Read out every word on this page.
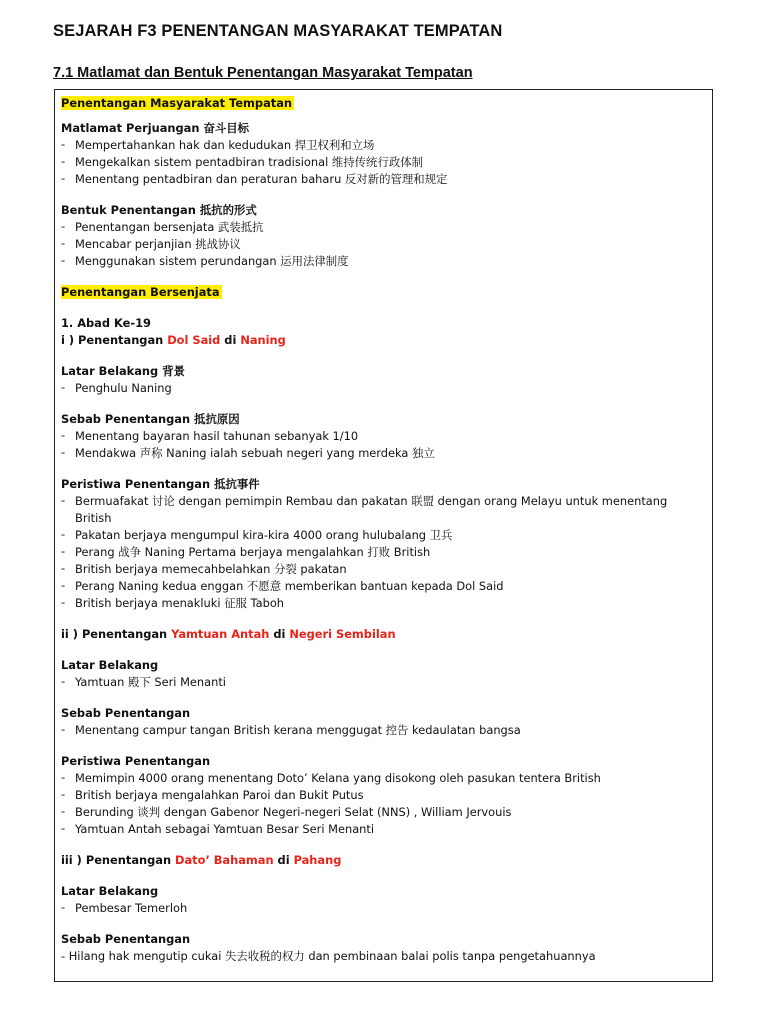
SEJARAH F3 PENENTANGAN MASYARAKAT TEMPATAN
7.1 Matlamat dan Bentuk Penentangan Masyarakat Tempatan
Penentangan Masyarakat Tempatan
Matlamat Perjuangan 奋斗目标
- Mempertahankan hak dan kedudukan 捍卫权利和立场
- Mengekalkan sistem pentadbiran tradisional 维持传统行政体制
- Menentang pentadbiran dan peraturan baharu 反对新的管理和规定
Bentuk Penentangan 抵抗的形式
- Penentangan bersenjata 武装抵抗
- Mencabar perjanjian 挑战协议
- Menggunakan sistem perundangan 运用法律制度
Penentangan Bersenjata
1. Abad Ke-19
i ) Penentangan Dol Said di Naning
Latar Belakang 背景
- Penghulu Naning
Sebab Penentangan 抵抗原因
- Menentang bayaran hasil tahunan sebanyak 1/10
- Mendakwa 声称 Naning ialah sebuah negeri yang merdeka 独立
Peristiwa Penentangan 抵抗事件
- Bermuafakat 讨论 dengan pemimpin Rembau dan pakatan 联盟 dengan orang Melayu untuk menentang British
- Pakatan berjaya mengumpul kira-kira 4000 orang hulubalang 卫兵
- Perang 战争 Naning Pertama berjaya mengalahkan 打败 British
- British berjaya memecahbelahkan 分裂 pakatan
- Perang Naning kedua enggan 不愿意 memberikan bantuan kepada Dol Said
- British berjaya menakluki 征服 Taboh
ii ) Penentangan Yamtuan Antah di Negeri Sembilan
Latar Belakang
- Yamtuan 殿下 Seri Menanti
Sebab Penentangan
- Menentang campur tangan British kerana menggugat 控告 kedaulatan bangsa
Peristiwa Penentangan
- Memimpin 4000 orang menentang Doto’ Kelana yang disokong oleh pasukan tentera British
- British berjaya mengalahkan Paroi dan Bukit Putus
- Berunding 谈判 dengan Gabenor Negeri-negeri Selat (NNS) , William Jervouis
- Yamtuan Antah sebagai Yamtuan Besar Seri Menanti
iii ) Penentangan Dato’ Bahaman di Pahang
Latar Belakang
- Pembesar Temerloh
Sebab Penentangan
- Hilang hak mengutip cukai 失去收税的权力 dan pembinaan balai polis tanpa pengetahuannya
